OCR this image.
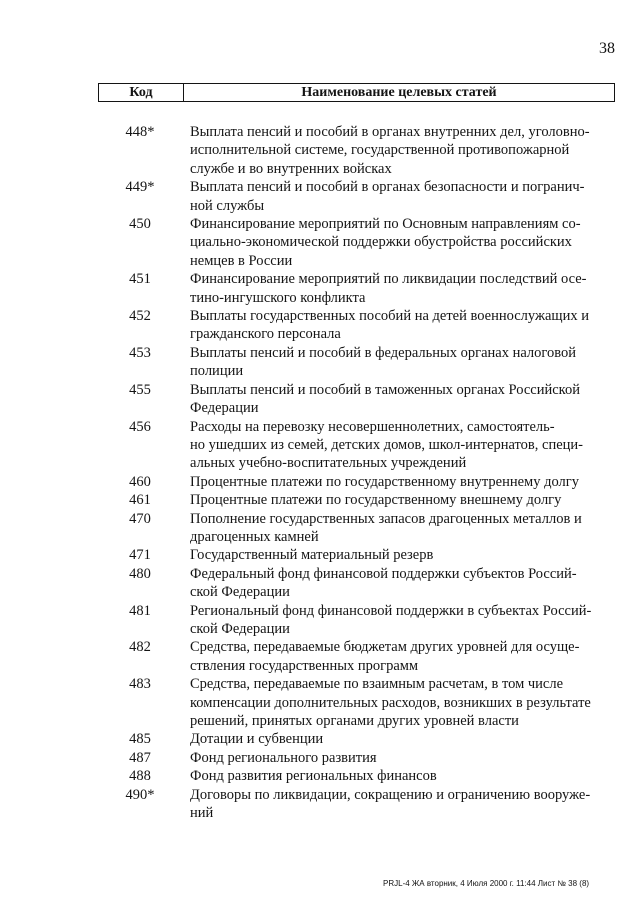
38
Код	Наименование целевых статей
448*	Выплата пенсий и пособий в органах внутренних дел, уголовно-
исполнительной системе, государственной противопожарной
службе и во внутренних войсках
449*	Выплата пенсий и пособий в органах безопасности и погранич-
ной службы
450	Финансирование мероприятий по Основным направлениям со-
циально-экономической поддержки обустройства российских
немцев в России
451	Финансирование мероприятий по ликвидации последствий осе-
тино-ингушского конфликта
452	Выплаты государственных пособий на детей военнослужащих и
гражданского персонала
453	Выплаты пенсий и пособий в федеральных органах налоговой
полиции
455	Выплаты пенсий и пособий в таможенных органах Российской
Федерации
456	Расходы на перевозку несовершеннолетних, самостоятель-
но ушедших из семей, детских домов, школ-интернатов, специ-
альных учебно-воспитательных учреждений
460	Процентные платежи по государственному внутреннему долгу
461	Процентные платежи по государственному внешнему долгу
470	Пополнение государственных запасов драгоценных металлов и
драгоценных камней
471	Государственный материальный резерв
480	Федеральный фонд финансовой поддержки субъектов Россий-
ской Федерации
481	Региональный фонд финансовой поддержки в субъектах Россий-
ской Федерации
482	Средства, передаваемые бюджетам других уровней для осуще-
ствления государственных программ
483	Средства, передаваемые по взаимным расчетам, в том числе
компенсации дополнительных расходов, возникших в результате
решений, принятых органами других уровней власти
485	Дотации и субвенции
487	Фонд регионального развития
488	Фонд развития региональных финансов
490*	Договоры по ликвидации, сокращению и ограничению вооруже-
ний
PRJL-4 ЖА вторник, 4 Июля 2000 г. 11:44 Лист № 38 (8)
